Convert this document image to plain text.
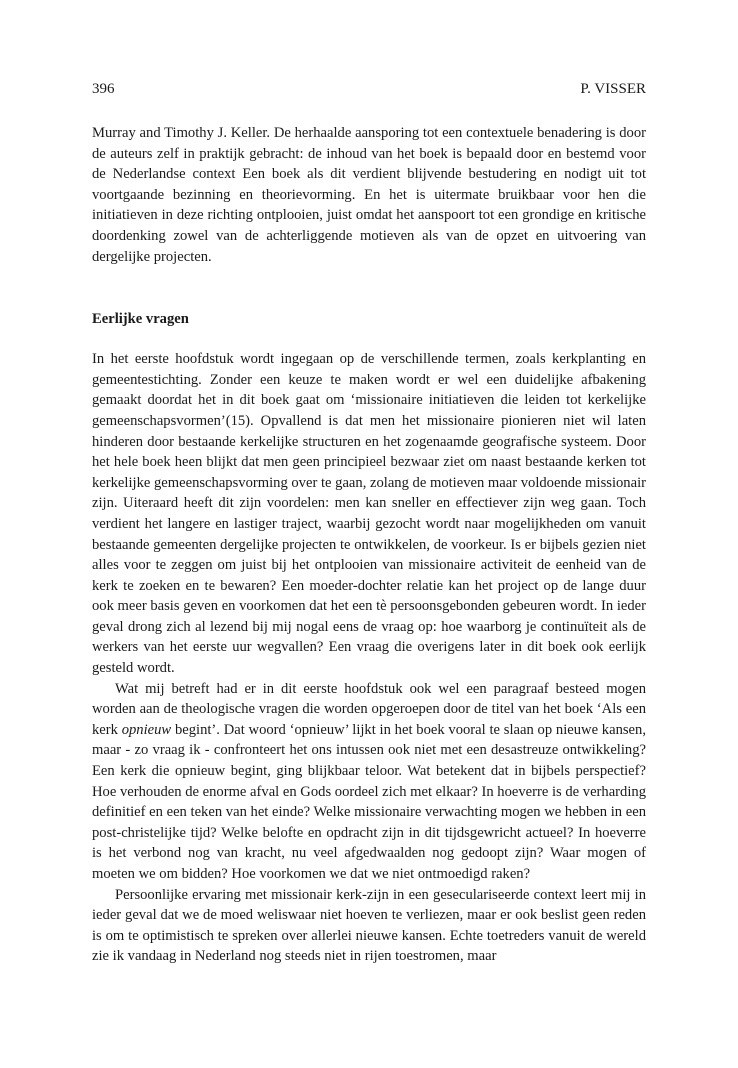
396	P. VISSER

Murray and Timothy J. Keller. De herhaalde aansporing tot een contextuele benadering is door de auteurs zelf in praktijk gebracht: de inhoud van het boek is bepaald door en bestemd voor de Nederlandse context Een boek als dit verdient blijvende bestudering en nodigt uit tot voortgaande bezinning en theorievorming. En het is uitermate bruikbaar voor hen die initiatieven in deze richting ontplooien, juist omdat het aanspoort tot een grondige en kritische doordenking zowel van de achterliggende motieven als van de opzet en uitvoering van dergelijke projecten.

Eerlijke vragen

In het eerste hoofdstuk wordt ingegaan op de verschillende termen, zoals kerkplanting en gemeentestichting. Zonder een keuze te maken wordt er wel een duidelijke afbakening gemaakt doordat het in dit boek gaat om ‘missionaire initiatieven die leiden tot kerkelijke gemeenschapsvormen’(15). Opvallend is dat men het missionaire pionieren niet wil laten hinderen door bestaande kerkelijke structuren en het zogenaamde geografische systeem. Door het hele boek heen blijkt dat men geen principieel bezwaar ziet om naast bestaande kerken tot kerkelijke gemeenschapsvorming over te gaan, zolang de motieven maar voldoende missionair zijn. Uiteraard heeft dit zijn voordelen: men kan sneller en effectiever zijn weg gaan. Toch verdient het langere en lastiger traject, waarbij gezocht wordt naar mogelijkheden om vanuit bestaande gemeenten dergelijke projecten te ontwikkelen, de voorkeur. Is er bijbels gezien niet alles voor te zeggen om juist bij het ontplooien van missionaire activiteit de eenheid van de kerk te zoeken en te bewaren? Een moeder-dochter relatie kan het project op de lange duur ook meer basis geven en voorkomen dat het een tè persoonsgebonden gebeuren wordt. In ieder geval drong zich al lezend bij mij nogal eens de vraag op: hoe waarborg je continuïteit als de werkers van het eerste uur wegvallen? Een vraag die overigens later in dit boek ook eerlijk gesteld wordt.

Wat mij betreft had er in dit eerste hoofdstuk ook wel een paragraaf besteed mogen worden aan de theologische vragen die worden opgeroepen door de titel van het boek ‘Als een kerk opnieuw begint’. Dat woord ‘opnieuw’ lijkt in het boek vooral te slaan op nieuwe kansen, maar - zo vraag ik - confronteert het ons intussen ook niet met een desastreuze ontwikkeling? Een kerk die opnieuw begint, ging blijkbaar teloor. Wat betekent dat in bijbels perspectief? Hoe verhouden de enorme afval en Gods oordeel zich met elkaar? In hoeverre is de verharding definitief en een teken van het einde? Welke missionaire verwachting mogen we hebben in een post-christelijke tijd? Welke belofte en opdracht zijn in dit tijdsgewricht actueel? In hoeverre is het verbond nog van kracht, nu veel afgedwaalden nog gedoopt zijn? Waar mogen of moeten we om bidden? Hoe voorkomen we dat we niet ontmoedigd raken?

Persoonlijke ervaring met missionair kerk-zijn in een geseculariseerde context leert mij in ieder geval dat we de moed weliswaar niet hoeven te verliezen, maar er ook beslist geen reden is om te optimistisch te spreken over allerlei nieuwe kansen. Echte toetreders vanuit de wereld zie ik vandaag in Nederland nog steeds niet in rijen toestromen, maar
